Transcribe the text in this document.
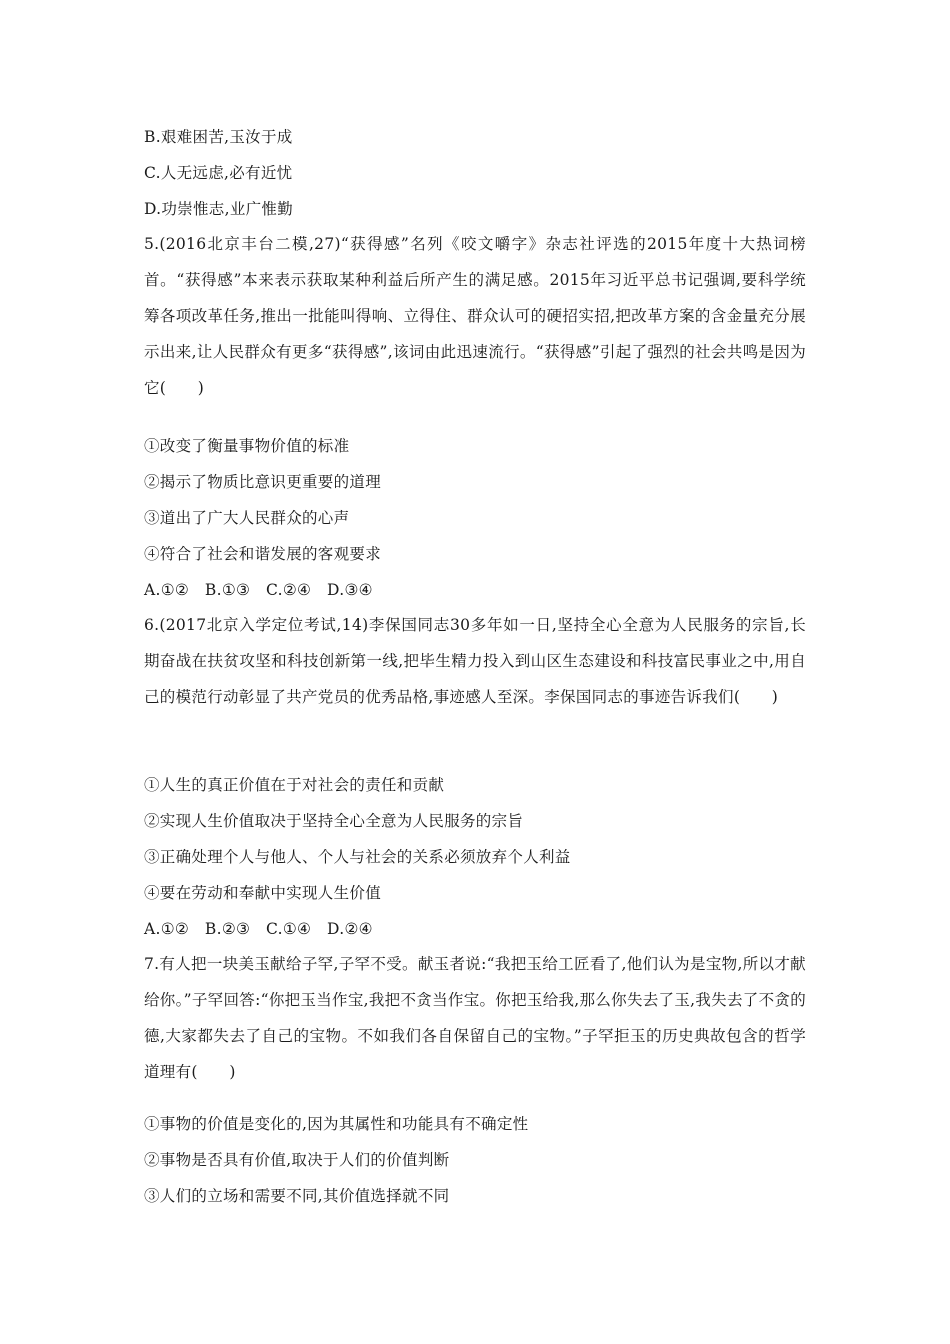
B.艰难困苦,玉汝于成
C.人无远虑,必有近忧
D.功崇惟志,业广惟勤
5.(2016北京丰台二模,27)“获得感”名列《咬文嚼字》杂志社评选的2015年度十大热词榜首。“获得感”本来表示获取某种利益后所产生的满足感。2015年习近平总书记强调,要科学统筹各项改革任务,推出一批能叫得响、立得住、群众认可的硬招实招,把改革方案的含金量充分展示出来,让人民群众有更多“获得感”,该词由此迅速流行。“获得感”引起了强烈的社会共鸣是因为它(　　)
①改变了衡量事物价值的标准
②揭示了物质比意识更重要的道理
③道出了广大人民群众的心声
④符合了社会和谐发展的客观要求
A.①②　B.①③　C.②④　D.③④
6.(2017北京入学定位考试,14)李保国同志30多年如一日,坚持全心全意为人民服务的宗旨,长期奋战在扶贫攻坚和科技创新第一线,把毕生精力投入到山区生态建设和科技富民事业之中,用自己的模范行动彰显了共产党员的优秀品格,事迹感人至深。李保国同志的事迹告诉我们(　　)
①人生的真正价值在于对社会的责任和贡献
②实现人生价值取决于坚持全心全意为人民服务的宗旨
③正确处理个人与他人、个人与社会的关系必须放弃个人利益
④要在劳动和奉献中实现人生价值
A.①②　B.②③　C.①④　D.②④
7.有人把一块美玉献给子罕,子罕不受。献玉者说:“我把玉给工匠看了,他们认为是宝物,所以才献给你。”子罕回答:“你把玉当作宝,我把不贪当作宝。你把玉给我,那么你失去了玉,我失去了不贪的德,大家都失去了自己的宝物。不如我们各自保留自己的宝物。”子罕拒玉的历史典故包含的哲学道理有(　　)
①事物的价值是变化的,因为其属性和功能具有不确定性
②事物是否具有价值,取决于人们的价值判断
③人们的立场和需要不同,其价值选择就不同
